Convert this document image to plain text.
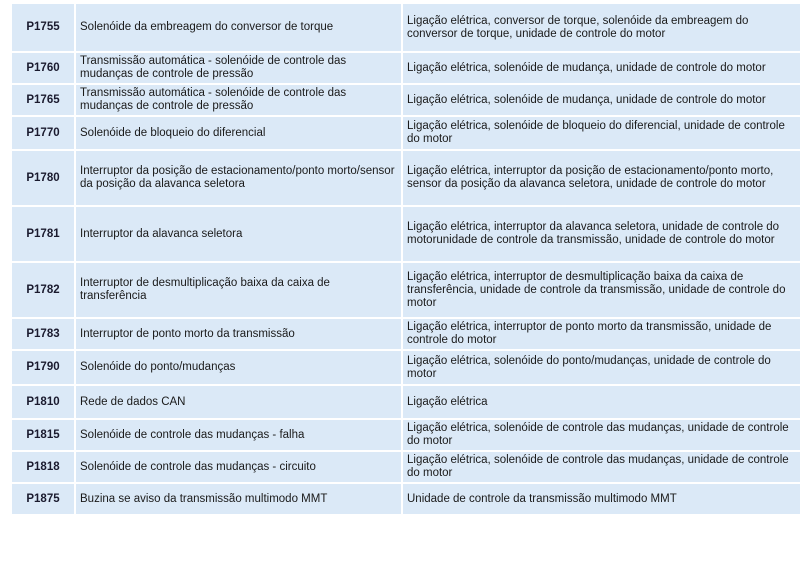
P1755	Solenóide da embreagem do conversor de torque	Ligação elétrica, conversor de torque, solenóide da embreagem do conversor de torque, unidade de controle do motor
P1760	Transmissão automática - solenóide de controle das mudanças de controle de pressão	Ligação elétrica, solenóide de mudança, unidade de controle do motor
P1765	Transmissão automática - solenóide de controle das mudanças de controle de pressão	Ligação elétrica, solenóide de mudança, unidade de controle do motor
P1770	Solenóide de bloqueio do diferencial	Ligação elétrica, solenóide de bloqueio do diferencial, unidade de controle do motor
P1780	Interruptor da posição de estacionamento/ponto morto/sensor da posição da alavanca seletora	Ligação elétrica, interruptor da posição de estacionamento/ponto morto, sensor da posição da alavanca seletora, unidade de controle do motor
P1781	Interruptor da alavanca seletora	Ligação elétrica, interruptor da alavanca seletora, unidade de controle do motorunidade de controle da transmissão, unidade de controle do motor
P1782	Interruptor de desmultiplicação baixa da caixa de transferência	Ligação elétrica, interruptor de desmultiplicação baixa da caixa de transferência, unidade de controle da transmissão, unidade de controle do motor
P1783	Interruptor de ponto morto da transmissão	Ligação elétrica, interruptor de ponto morto da transmissão, unidade de controle do motor
P1790	Solenóide do ponto/mudanças	Ligação elétrica, solenóide do ponto/mudanças, unidade de controle do motor
P1810	Rede de dados CAN	Ligação elétrica
P1815	Solenóide de controle das mudanças - falha	Ligação elétrica, solenóide de controle das mudanças, unidade de controle do motor
P1818	Solenóide de controle das mudanças - circuito	Ligação elétrica, solenóide de controle das mudanças, unidade de controle do motor
P1875	Buzina se aviso da transmissão multimodo MMT	Unidade de controle da transmissão multimodo MMT
